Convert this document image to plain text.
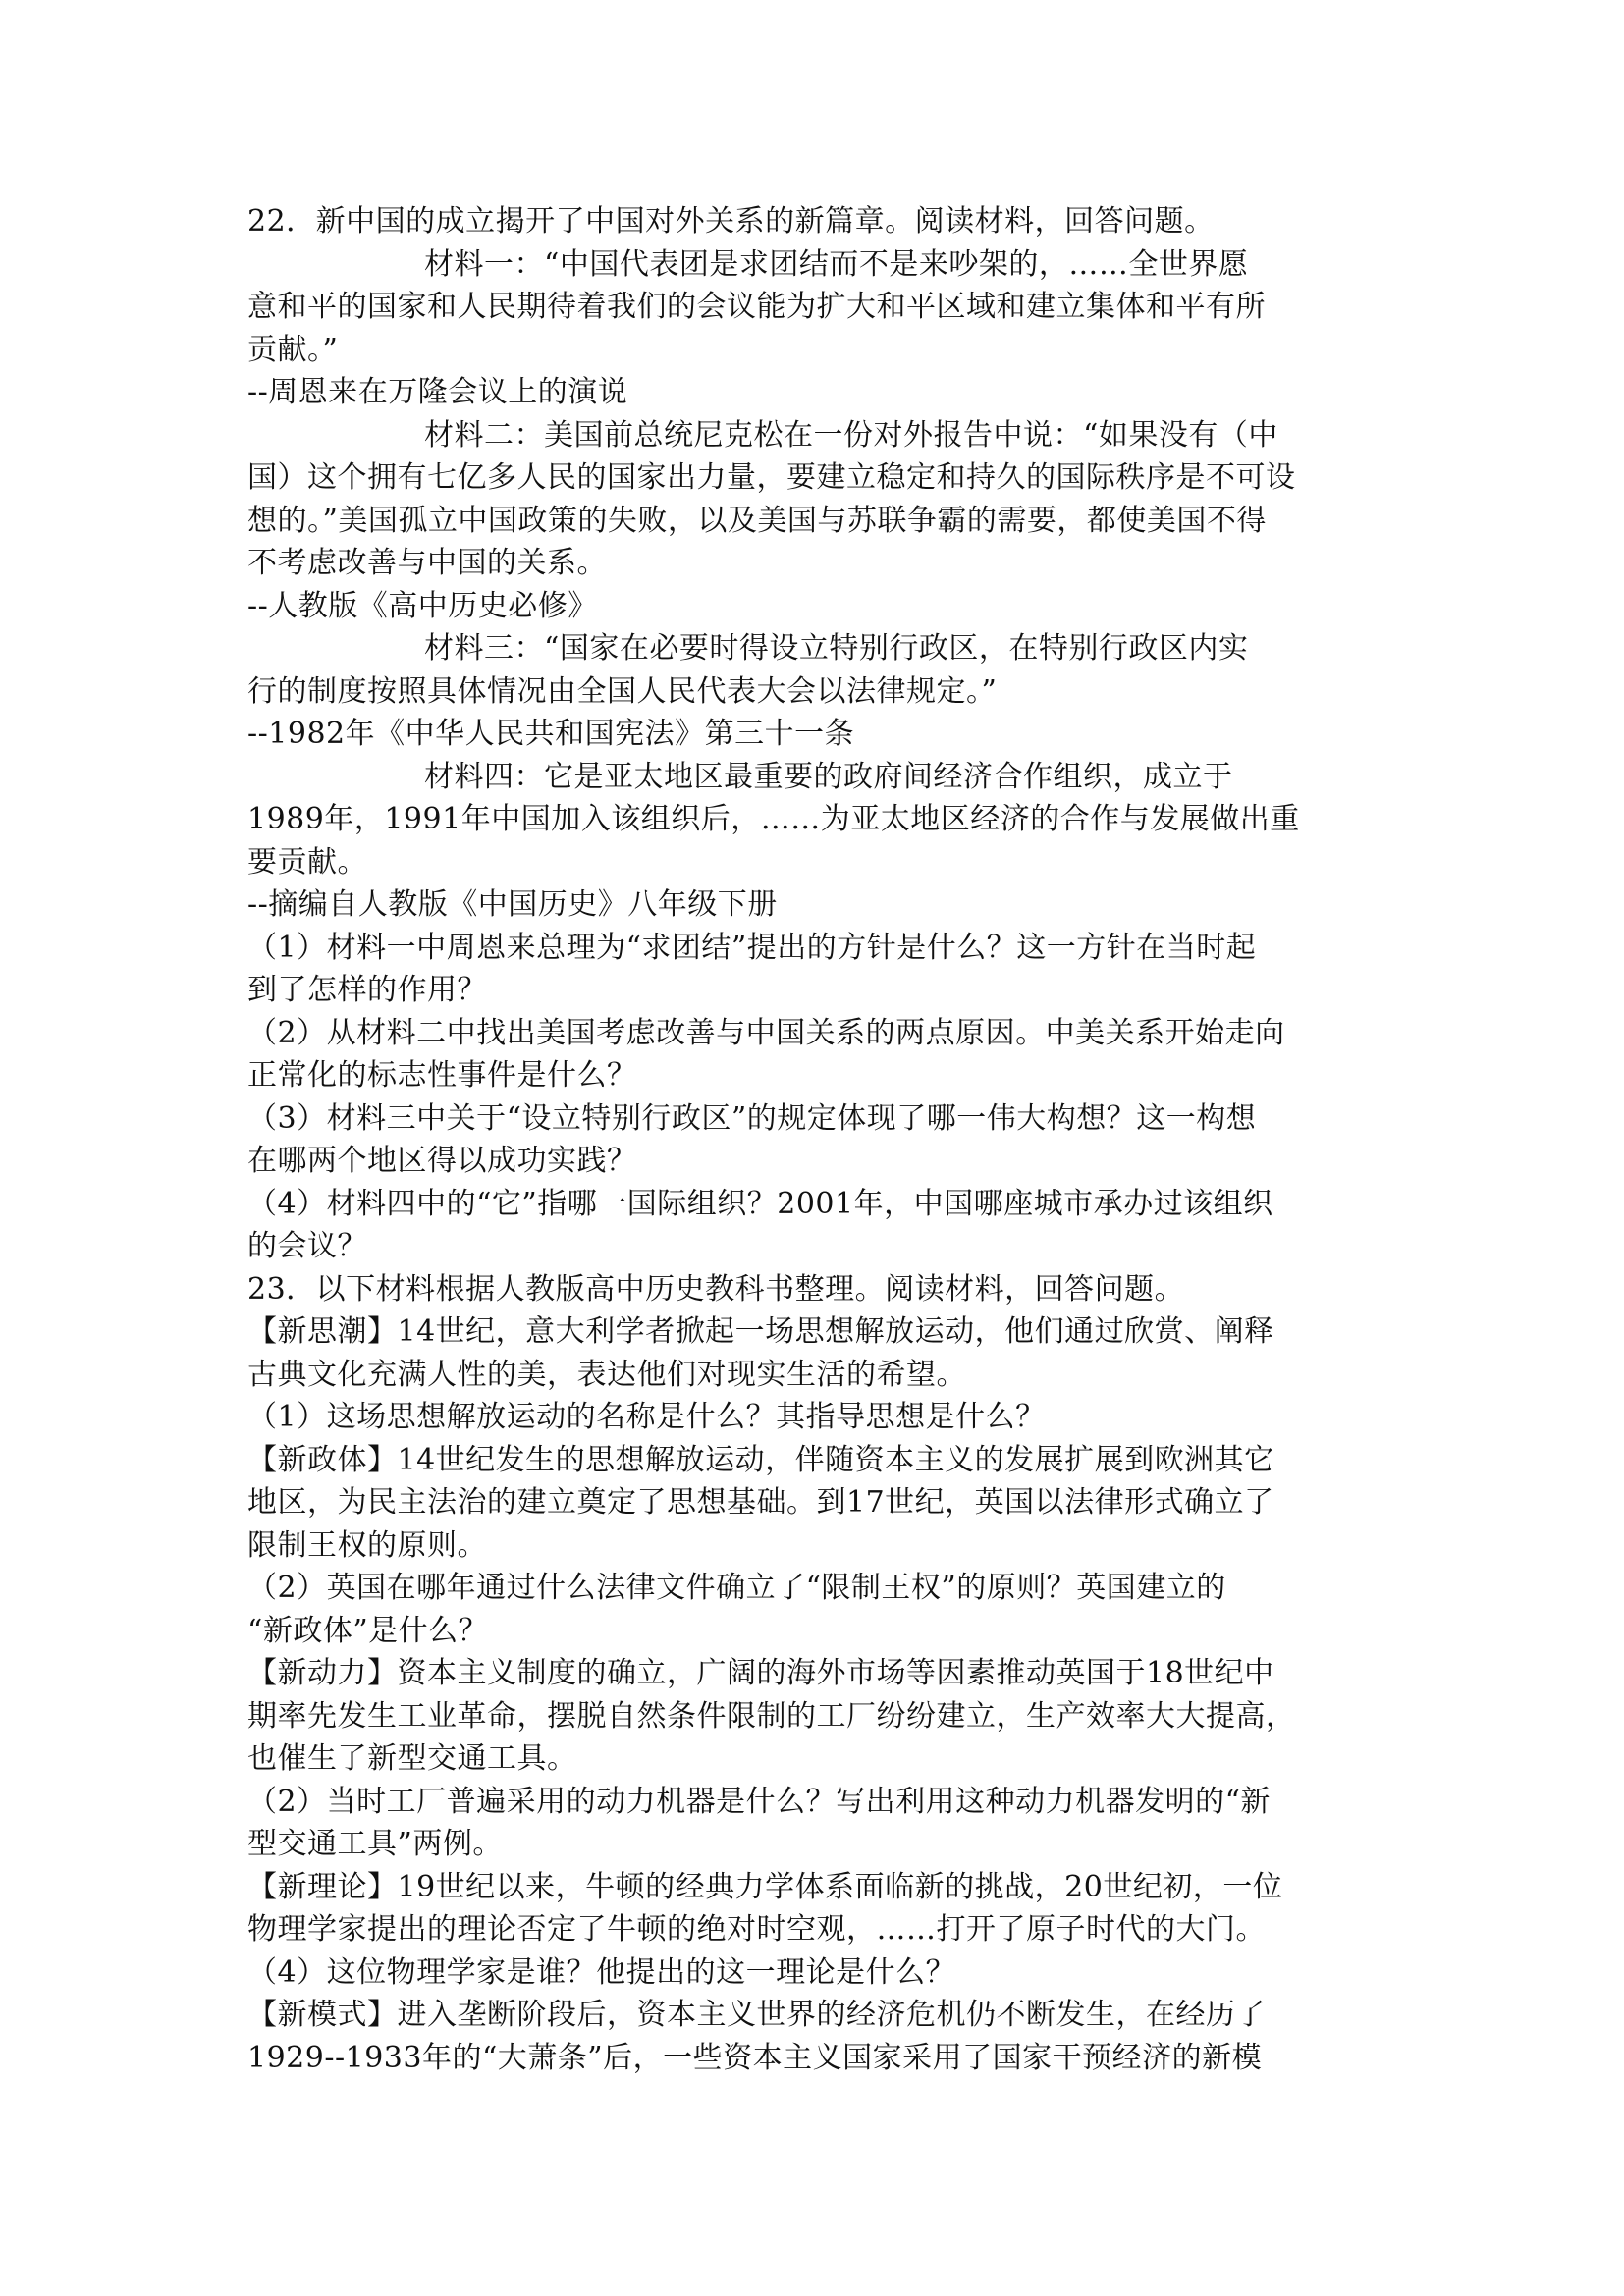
22．新中国的成立揭开了中国对外关系的新篇章。阅读材料，回答问题。
材料一：“中国代表团是求团结而不是来吵架的，……全世界愿
意和平的国家和人民期待着我们的会议能为扩大和平区域和建立集体和平有所
贡献。”
--周恩来在万隆会议上的演说
材料二：美国前总统尼克松在一份对外报告中说：“如果没有（中
国）这个拥有七亿多人民的国家出力量，要建立稳定和持久的国际秩序是不可设
想的。”美国孤立中国政策的失败，以及美国与苏联争霸的需要，都使美国不得
不考虑改善与中国的关系。
--人教版《高中历史必修》
材料三：“国家在必要时得设立特别行政区，在特别行政区内实
行的制度按照具体情况由全国人民代表大会以法律规定。”
--1982年《中华人民共和国宪法》第三十一条
材料四：它是亚太地区最重要的政府间经济合作组织，成立于
1989年，1991年中国加入该组织后，……为亚太地区经济的合作与发展做出重
要贡献。
--摘编自人教版《中国历史》八年级下册
（1）材料一中周恩来总理为“求团结”提出的方针是什么？这一方针在当时起
到了怎样的作用？
（2）从材料二中找出美国考虑改善与中国关系的两点原因。中美关系开始走向
正常化的标志性事件是什么？
（3）材料三中关于“设立特别行政区”的规定体现了哪一伟大构想？这一构想
在哪两个地区得以成功实践？
（4）材料四中的“它”指哪一国际组织？2001年，中国哪座城市承办过该组织
的会议？
23．以下材料根据人教版高中历史教科书整理。阅读材料，回答问题。
【新思潮】14世纪，意大利学者掀起一场思想解放运动，他们通过欣赏、阐释
古典文化充满人性的美，表达他们对现实生活的希望。
（1）这场思想解放运动的名称是什么？其指导思想是什么？
【新政体】14世纪发生的思想解放运动，伴随资本主义的发展扩展到欧洲其它
地区，为民主法治的建立奠定了思想基础。到17世纪，英国以法律形式确立了
限制王权的原则。
（2）英国在哪年通过什么法律文件确立了“限制王权”的原则？英国建立的
“新政体”是什么？
【新动力】资本主义制度的确立，广阔的海外市场等因素推动英国于18世纪中
期率先发生工业革命，摆脱自然条件限制的工厂纷纷建立，生产效率大大提高，
也催生了新型交通工具。
（2）当时工厂普遍采用的动力机器是什么？写出利用这种动力机器发明的“新
型交通工具”两例。
【新理论】19世纪以来，牛顿的经典力学体系面临新的挑战，20世纪初，一位
物理学家提出的理论否定了牛顿的绝对时空观，……打开了原子时代的大门。
（4）这位物理学家是谁？他提出的这一理论是什么？
【新模式】进入垄断阶段后，资本主义世界的经济危机仍不断发生，在经历了
1929--1933年的“大萧条”后，一些资本主义国家采用了国家干预经济的新模
